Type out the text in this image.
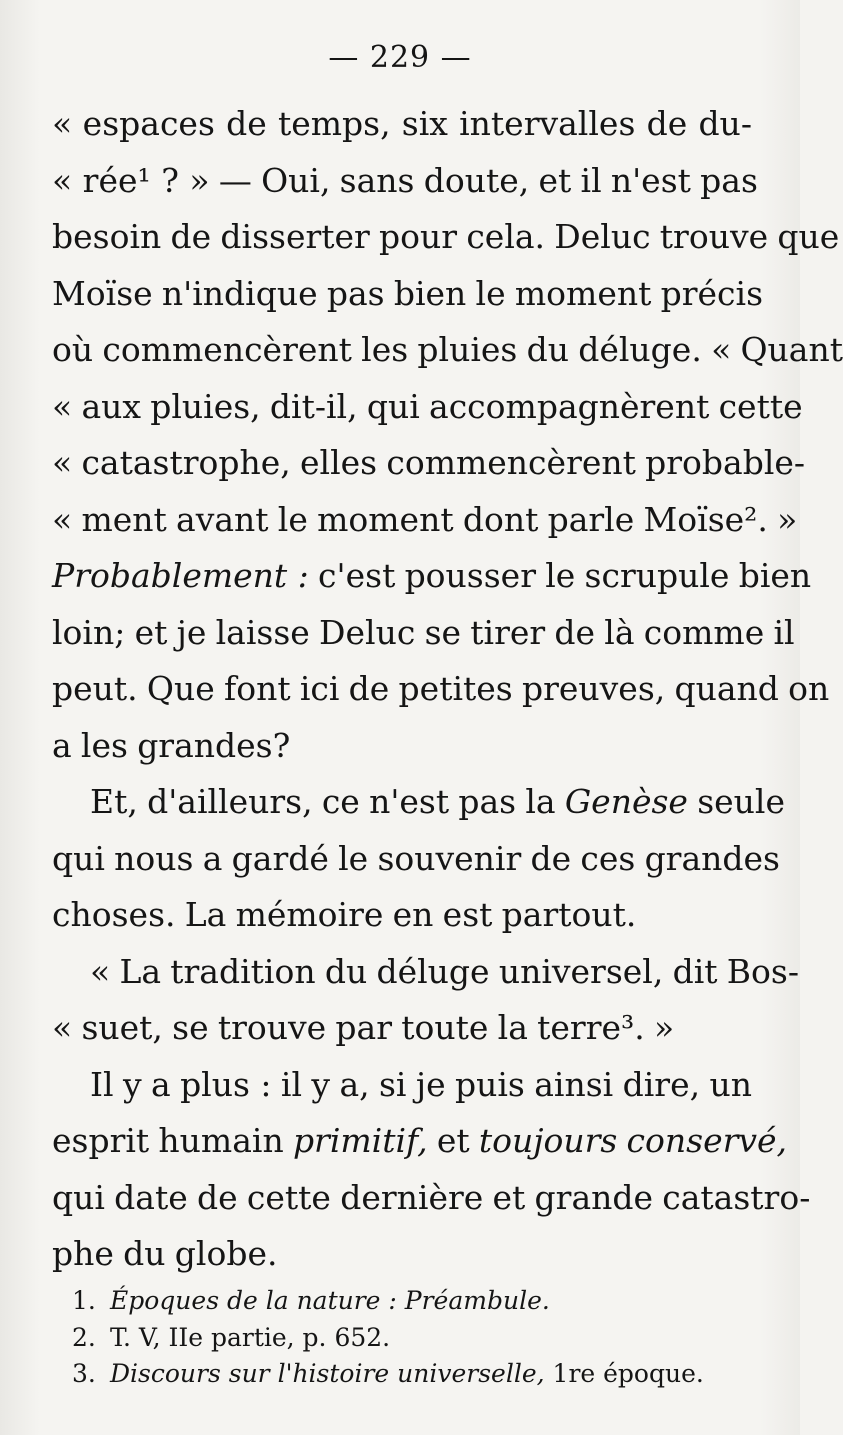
— 229 —
« espaces de temps, six intervalles de du-
« rée¹ ? » — Oui, sans doute, et il n'est pas
besoin de disserter pour cela. Deluc trouve que
Moïse n'indique pas bien le moment précis
où commencèrent les pluies du déluge. « Quant
« aux pluies, dit-il, qui accompagnèrent cette
« catastrophe, elles commencèrent probable-
« ment avant le moment dont parle Moïse². »
Probablement : c'est pousser le scrupule bien
loin; et je laisse Deluc se tirer de là comme il
peut. Que font ici de petites preuves, quand on
a les grandes?
Et, d'ailleurs, ce n'est pas la Genèse seule
qui nous a gardé le souvenir de ces grandes
choses. La mémoire en est partout.
« La tradition du déluge universel, dit Bos-
« suet, se trouve par toute la terre³. »
Il y a plus : il y a, si je puis ainsi dire, un
esprit humain primitif, et toujours conservé,
qui date de cette dernière et grande catastro-
phe du globe.
1. Époques de la nature : Préambule.
2. T. V, IIe partie, p. 652.
3. Discours sur l'histoire universelle, 1re époque.
